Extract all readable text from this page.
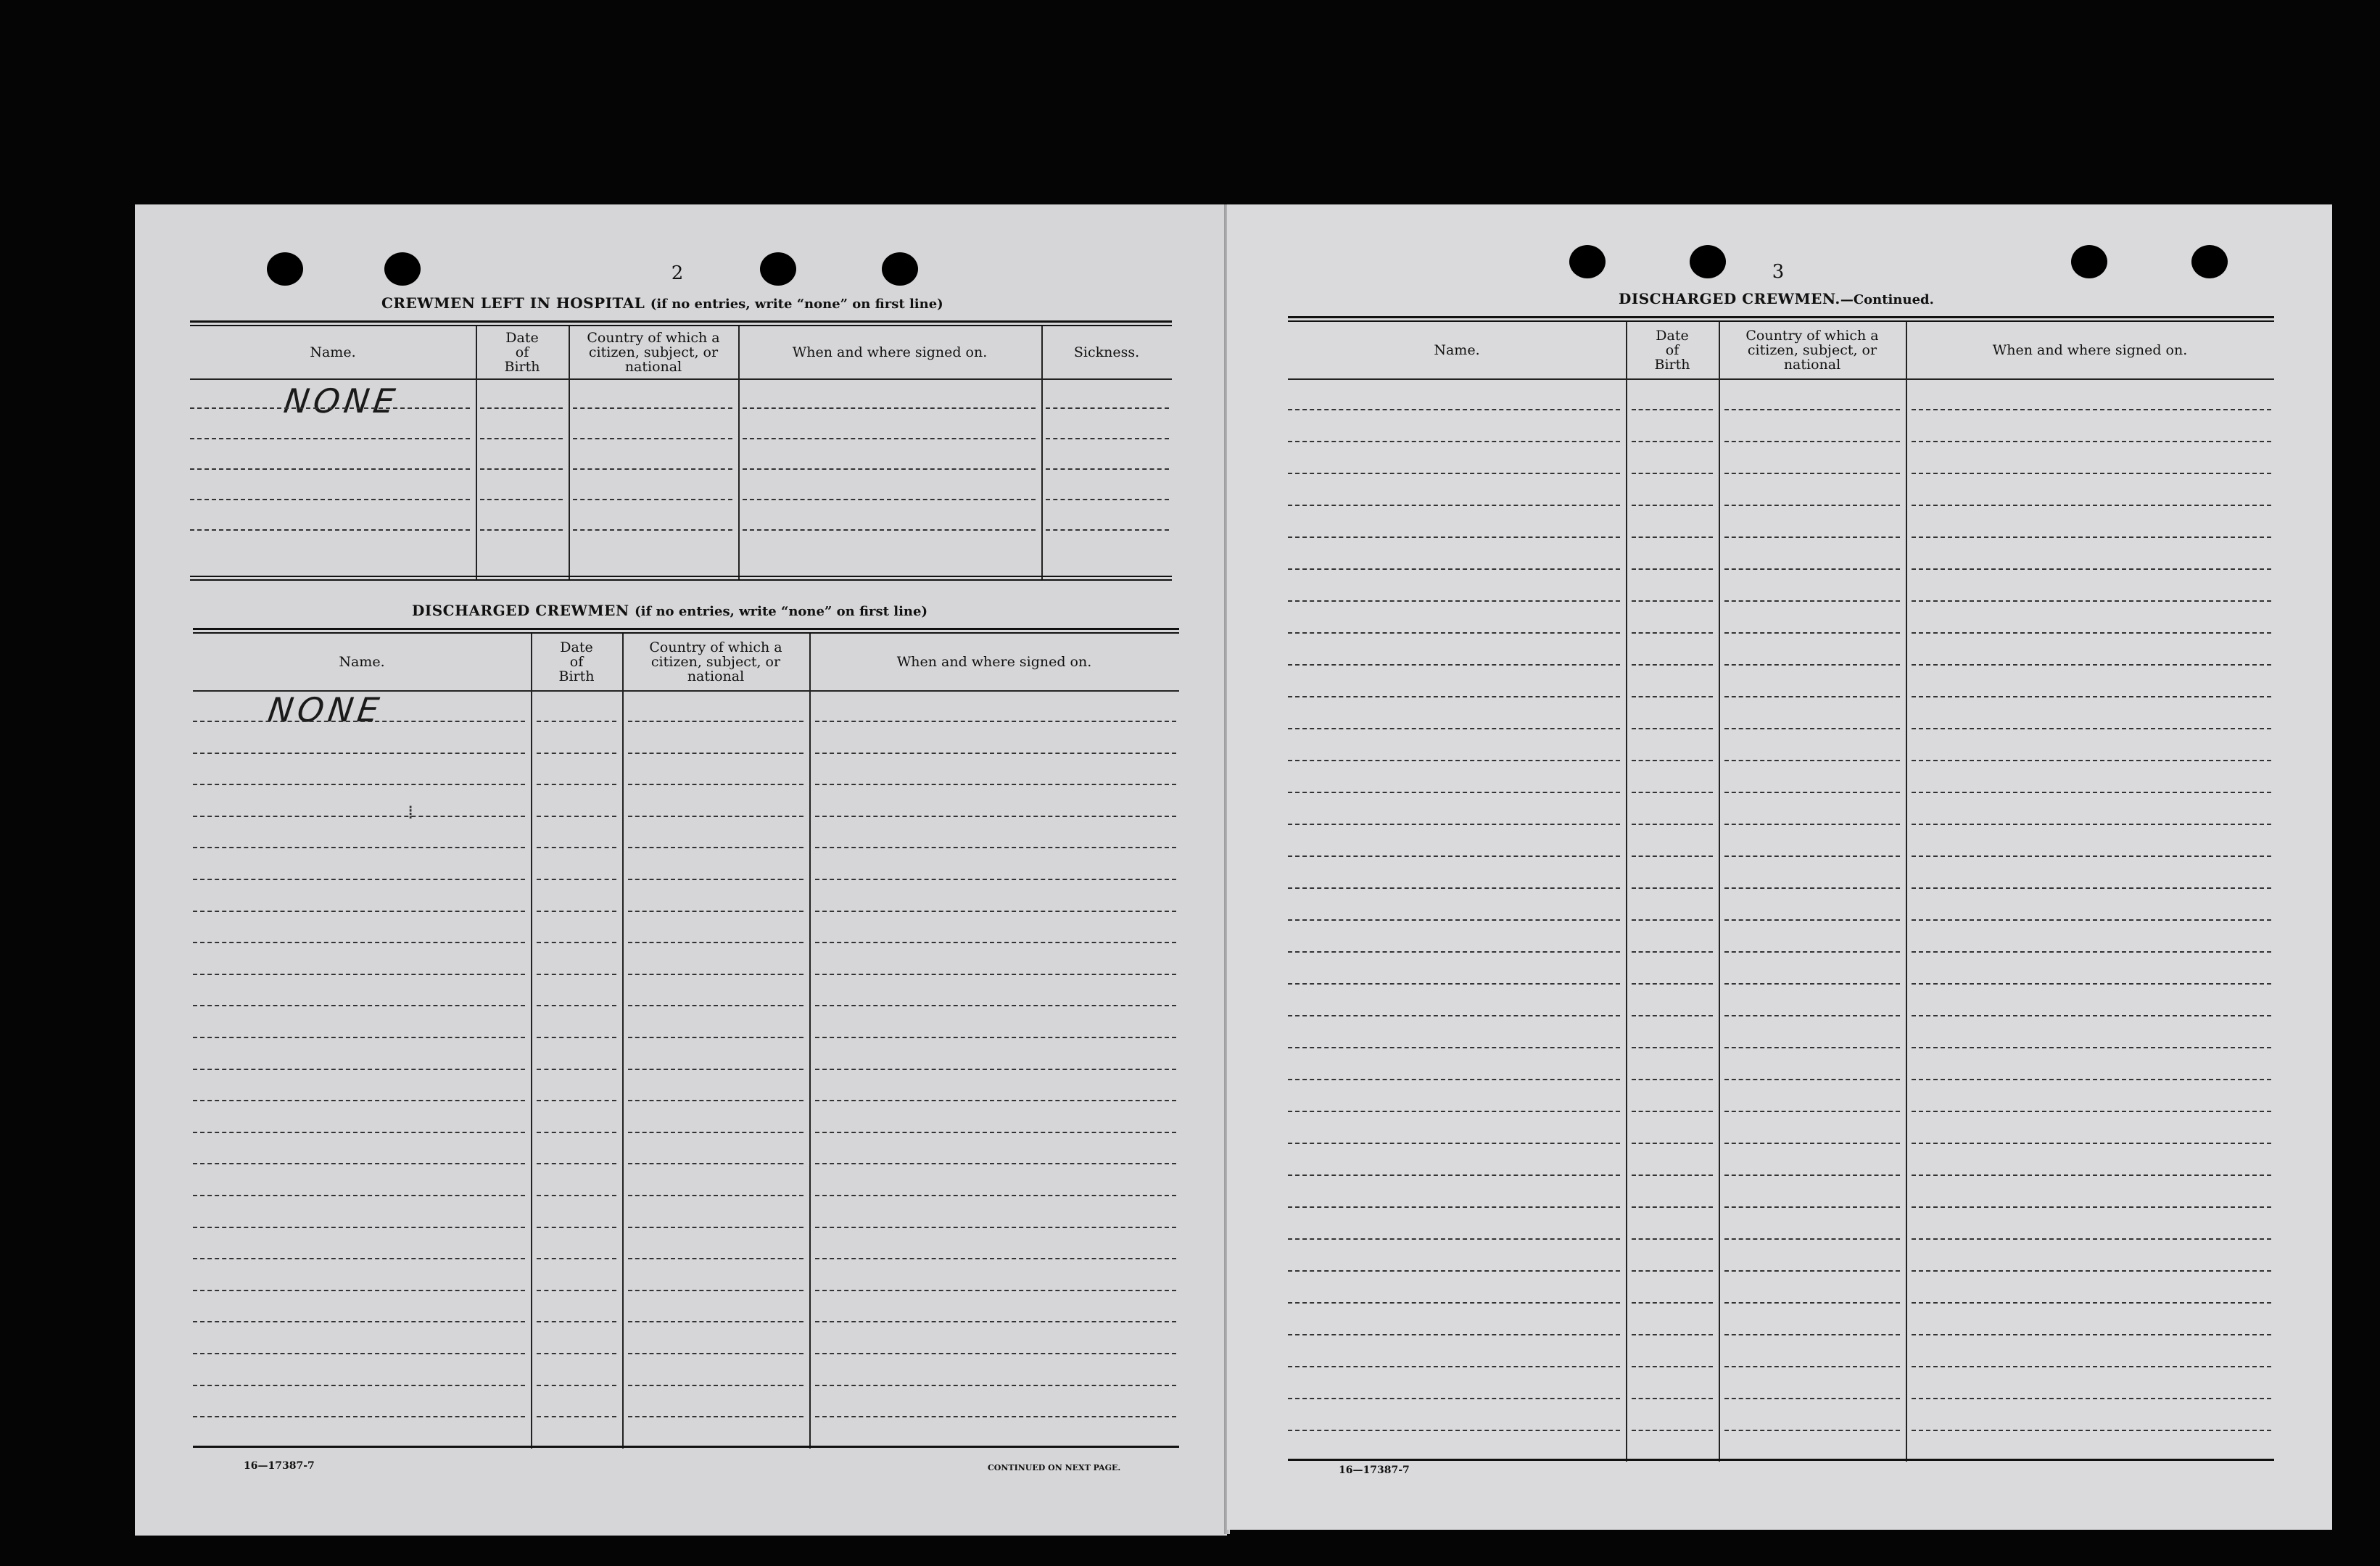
2
CREWMEN LEFT IN HOSPITAL (if no entries, write “none” on first line)
Name.
Date
of
Birth
Country of which a
citizen, subject, or
national
When and where signed on.	Sickness.
NONE
DISCHARGED CREWMEN (if no entries, write “none” on first line)
Name.
Date
of
Birth
Country of which a
citizen, subject, or
national
When and where signed on.
NONE
⁞
16—17387-7	CONTINUED ON NEXT PAGE.
3
DISCHARGED CREWMEN.—Continued.
Name.
Date
of
Birth
Country of which a
citizen, subject, or
national
When and where signed on.
16—17387-7
